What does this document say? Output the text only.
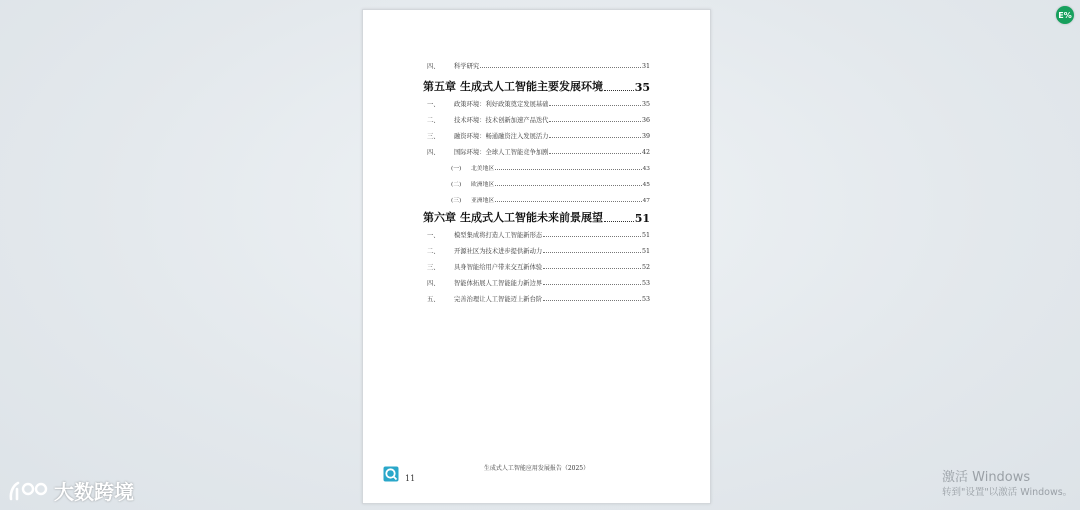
E%
四、	科学研究	31
第五章 生成式人工智能主要发展环境	35
一、	政策环境：利好政策奠定发展基础	35
二、	技术环境：技术创新加速产品迭代	36
三、	融资环境：畅通融资注入发展活力	39
四、	国际环境：全球人工智能竞争加剧	42
(一)	北美地区	43
(二)	欧洲地区	45
(三)	亚洲地区	47
第六章 生成式人工智能未来前景展望	51
一、	模型集成将打造人工智能新形态	51
二、	开源社区为技术进步提供新动力	51
三、	具身智能给用户带来交互新体验	52
四、	智能体拓展人工智能能力新边界	53
五、	完善治理让人工智能迈上新台阶	53
11
生成式人工智能应用发展报告（2025）
大数跨境
激活 Windows
转到"设置"以激活 Windows。
